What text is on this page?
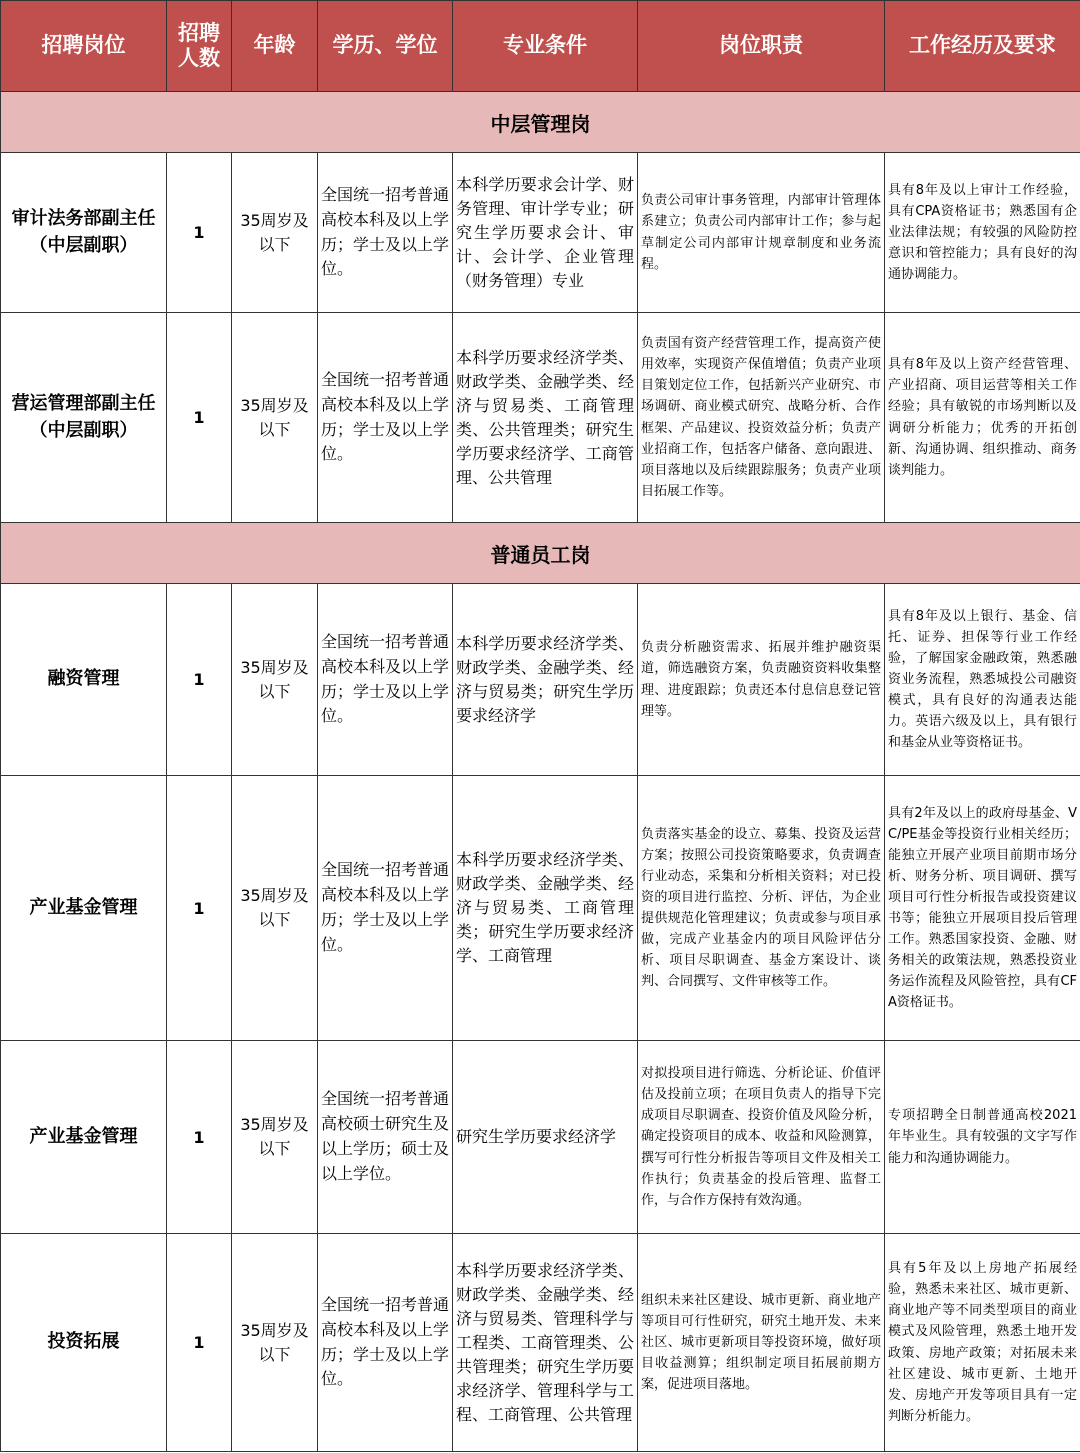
招聘岗位	招聘人数	年龄	学历、学位	专业条件	岗位职责	工作经历及要求
中层管理岗						
审计法务部副主任（中层副职）	1	35周岁及以下	全国统一招考普通高校本科及以上学历；学士及以上学位。	本科学历要求会计学、财务管理、审计学专业；研究生学历要求会计、审计、会计学、企业管理（财务管理）专业	负责公司审计事务管理，内部审计管理体系建立；负责公司内部审计工作；参与起草制定公司内部审计规章制度和业务流程。	具有8年及以上审计工作经验，具有CPA资格证书；熟悉国有企业法律法规；有较强的风险防控意识和管控能力；具有良好的沟通协调能力。
营运管理部副主任（中层副职）	1	35周岁及以下	全国统一招考普通高校本科及以上学历；学士及以上学位。	本科学历要求经济学类、财政学类、金融学类、经济与贸易类、工商管理类、公共管理类；研究生学历要求经济学、工商管理、公共管理	负责国有资产经营管理工作，提高资产使用效率，实现资产保值增值；负责产业项目策划定位工作，包括新兴产业研究、市场调研、商业模式研究、战略分析、合作框架、产品建议、投资效益分析；负责产业招商工作，包括客户储备、意向跟进、项目落地以及后续跟踪服务；负责产业项目拓展工作等。	具有8年及以上资产经营管理、产业招商、项目运营等相关工作经验；具有敏锐的市场判断以及调研分析能力；优秀的开拓创新、沟通协调、组织推动、商务谈判能力。
普通员工岗						
融资管理	1	35周岁及以下	全国统一招考普通高校本科及以上学历；学士及以上学位。	本科学历要求经济学类、财政学类、金融学类、经济与贸易类；研究生学历要求经济学	负责分析融资需求、拓展并维护融资渠道，筛选融资方案，负责融资资料收集整理、进度跟踪；负责还本付息信息登记管理等。	具有8年及以上银行、基金、信托、证券、担保等行业工作经验，了解国家金融政策，熟悉融资业务流程，熟悉城投公司融资模式，具有良好的沟通表达能力。英语六级及以上，具有银行和基金从业等资格证书。
产业基金管理	1	35周岁及以下	全国统一招考普通高校本科及以上学历；学士及以上学位。	本科学历要求经济学类、财政学类、金融学类、经济与贸易类、工商管理类；研究生学历要求经济学、工商管理	负责落实基金的设立、募集、投资及运营方案；按照公司投资策略要求，负责调查行业动态，采集和分析相关资料；对已投资的项目进行监控、分析、评估，为企业提供规范化管理建议；负责或参与项目承做，完成产业基金内的项目风险评估分析、项目尽职调查、基金方案设计、谈判、合同撰写、文件审核等工作。	具有2年及以上的政府母基金、VC/PE基金等投资行业相关经历；能独立开展产业项目前期市场分析、财务分析、项目调研、撰写项目可行性分析报告或投资建议书等；能独立开展项目投后管理工作。熟悉国家投资、金融、财务相关的政策法规，熟悉投资业务运作流程及风险管控，具有CFA资格证书。
产业基金管理	1	35周岁及以下	全国统一招考普通高校硕士研究生及以上学历；硕士及以上学位。	研究生学历要求经济学	对拟投项目进行筛选、分析论证、价值评估及投前立项；在项目负责人的指导下完成项目尽职调查、投资价值及风险分析，确定投资项目的成本、收益和风险测算，撰写可行性分析报告等项目文件及相关工作执行；负责基金的投后管理、监督工作，与合作方保持有效沟通。	专项招聘全日制普通高校2021年毕业生。具有较强的文字写作能力和沟通协调能力。
投资拓展	1	35周岁及以下	全国统一招考普通高校本科及以上学历；学士及以上学位。	本科学历要求经济学类、财政学类、金融学类、经济与贸易类、管理科学与工程类、工商管理类、公共管理类；研究生学历要求经济学、管理科学与工程、工商管理、公共管理	组织未来社区建设、城市更新、商业地产等项目可行性研究，研究土地开发、未来社区、城市更新项目等投资环境，做好项目收益测算；组织制定项目拓展前期方案，促进项目落地。	具有5年及以上房地产拓展经验，熟悉未来社区、城市更新、商业地产等不同类型项目的商业模式及风险管理，熟悉土地开发政策、房地产政策；对拓展未来社区建设、城市更新、土地开发、房地产开发等项目具有一定判断分析能力。
